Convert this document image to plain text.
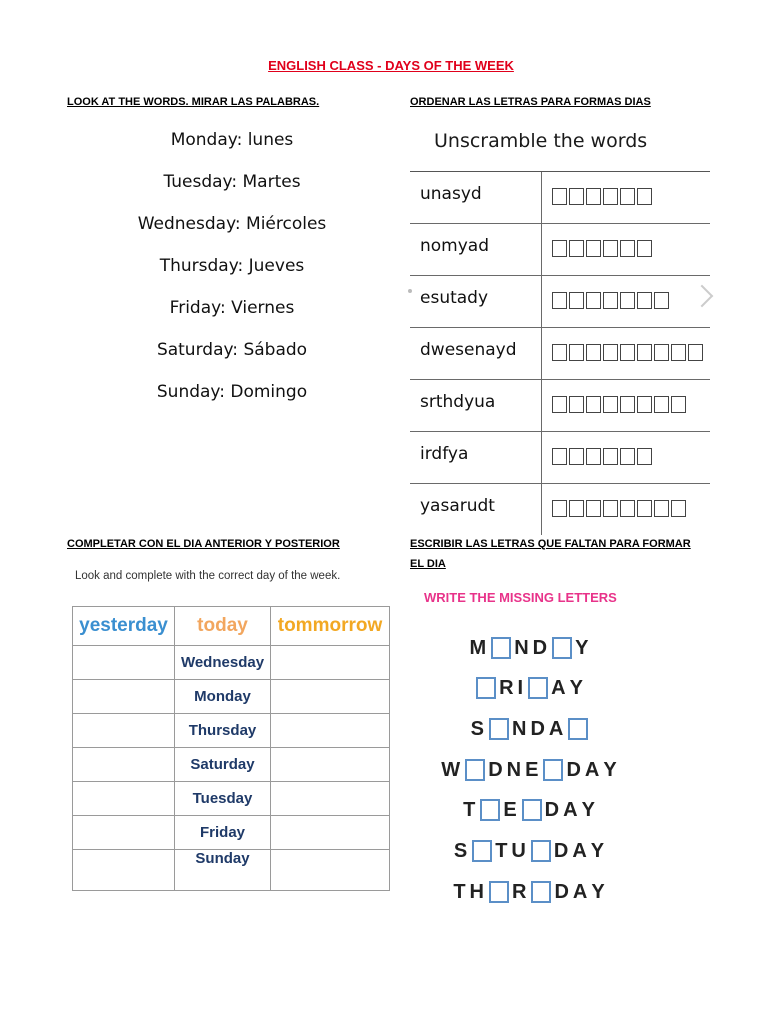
ENGLISH CLASS - DAYS OF THE WEEK
LOOK AT THE WORDS. MIRAR LAS PALABRAS.	ORDENAR LAS LETRAS PARA FORMAS DIAS
Monday: lunes
Tuesday: Martes
Wednesday: Miércoles
Thursday: Jueves
Friday: Viernes
Saturday: Sábado
Sunday: Domingo
Unscramble the words
unasyd
nomyad
esutady
dwesenayd
srthdyua
irdfya
yasarudt
COMPLETAR CON EL DIA ANTERIOR Y POSTERIOR	ESCRIBIR LAS LETRAS QUE FALTAN PARA FORMAR
EL DIA
Look and complete with the correct day of the week.
yesterday	today	tommorrow
	Wednesday	
	Monday	
	Thursday	
	Saturday	
	Tuesday	
	Friday	
	Sunday	
WRITE THE MISSING LETTERS
M N D Y
R I A Y
S N D A
W D N E D A Y
T E D A Y
S T U D A Y
T H R D A Y
